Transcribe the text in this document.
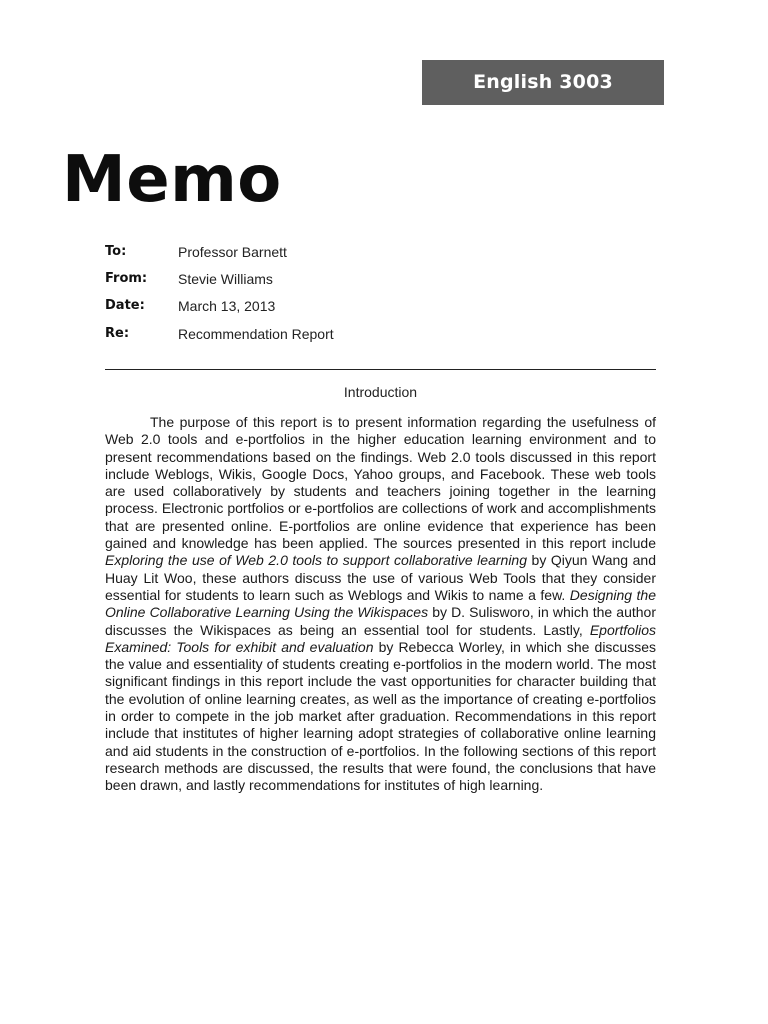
English 3003
Memo
To:	Professor Barnett
From: Stevie Williams
Date: March 13, 2013
Re:	Recommendation Report
Introduction

The purpose of this report is to present information regarding the usefulness of Web 2.0 tools and e-portfolios in the higher education learning environment and to present recommendations based on the findings. Web 2.0 tools discussed in this report include Weblogs, Wikis, Google Docs, Yahoo groups, and Facebook. These web tools are used collaboratively by students and teachers joining together in the learning process. Electronic portfolios or e-portfolios are collections of work and accomplishments that are presented online. E-portfolios are online evidence that experience has been gained and knowledge has been applied. The sources presented in this report include Exploring the use of Web 2.0 tools to support collaborative learning by Qiyun Wang and Huay Lit Woo, these authors discuss the use of various Web Tools that they consider essential for students to learn such as Weblogs and Wikis to name a few. Designing the Online Collaborative Learning Using the Wikispaces by D. Sulisworo, in which the author discusses the Wikispaces as being an essential tool for students. Lastly, Eportfolios Examined: Tools for exhibit and evaluation by Rebecca Worley, in which she discusses the value and essentiality of students creating e-portfolios in the modern world. The most significant findings in this report include the vast opportunities for character building that the evolution of online learning creates, as well as the importance of creating e-portfolios in order to compete in the job market after graduation. Recommendations in this report include that institutes of higher learning adopt strategies of collaborative online learning and aid students in the construction of e-portfolios. In the following sections of this report research methods are discussed, the results that were found, the conclusions that have been drawn, and lastly recommendations for institutes of high learning.
